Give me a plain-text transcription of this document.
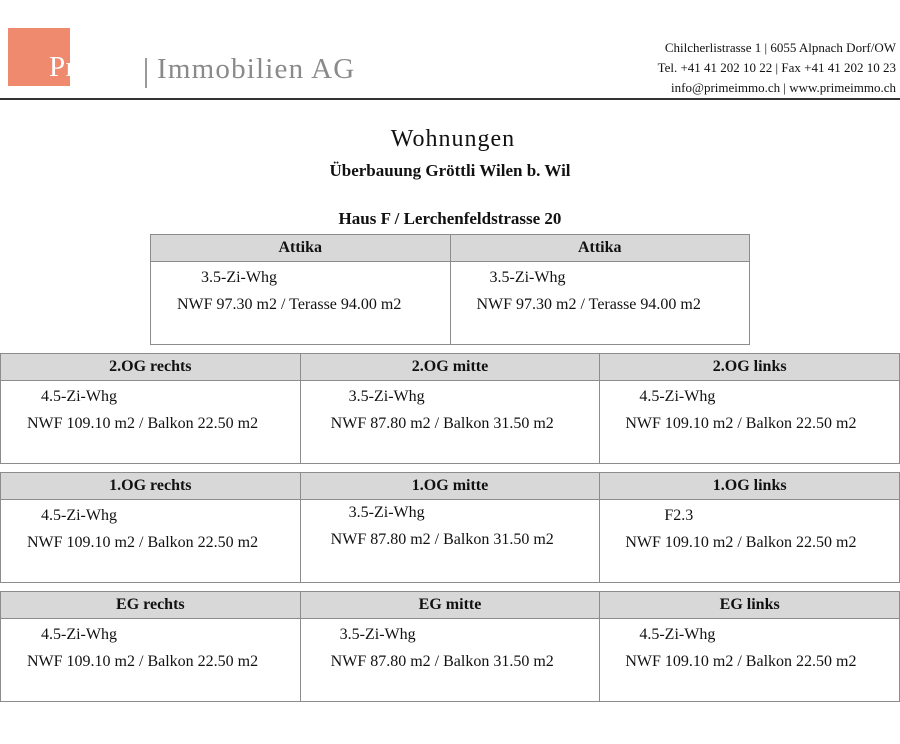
Prime Immobilien AG
Chilcherlistrasse 1 | 6055 Alpnach Dorf/OW
Tel. +41 41 202 10 22 | Fax +41 41 202 10 23
info@primeimmo.ch | www.primeimmo.ch
Wohnungen
Überbauung Gröttli Wilen b. Wil
Haus F / Lerchenfeldstrasse 20
Attika
3.5-Zi-Whg
NWF 97.30 m2 / Terasse 94.00 m2
Attika
3.5-Zi-Whg
NWF 97.30 m2 / Terasse 94.00 m2
2.OG rechts
4.5-Zi-Whg
NWF 109.10 m2 / Balkon 22.50 m2
2.OG mitte
3.5-Zi-Whg
NWF 87.80 m2 / Balkon 31.50 m2
2.OG links
4.5-Zi-Whg
NWF 109.10 m2 / Balkon 22.50 m2
1.OG rechts
4.5-Zi-Whg
NWF 109.10 m2 / Balkon 22.50 m2
1.OG mitte
3.5-Zi-Whg
NWF 87.80 m2 / Balkon 31.50 m2
1.OG links
F2.3
NWF 109.10 m2 / Balkon 22.50 m2
EG rechts
4.5-Zi-Whg
NWF 109.10 m2 / Balkon 22.50 m2
EG mitte
3.5-Zi-Whg
NWF 87.80 m2 / Balkon 31.50 m2
EG links
4.5-Zi-Whg
NWF 109.10 m2 / Balkon 22.50 m2
